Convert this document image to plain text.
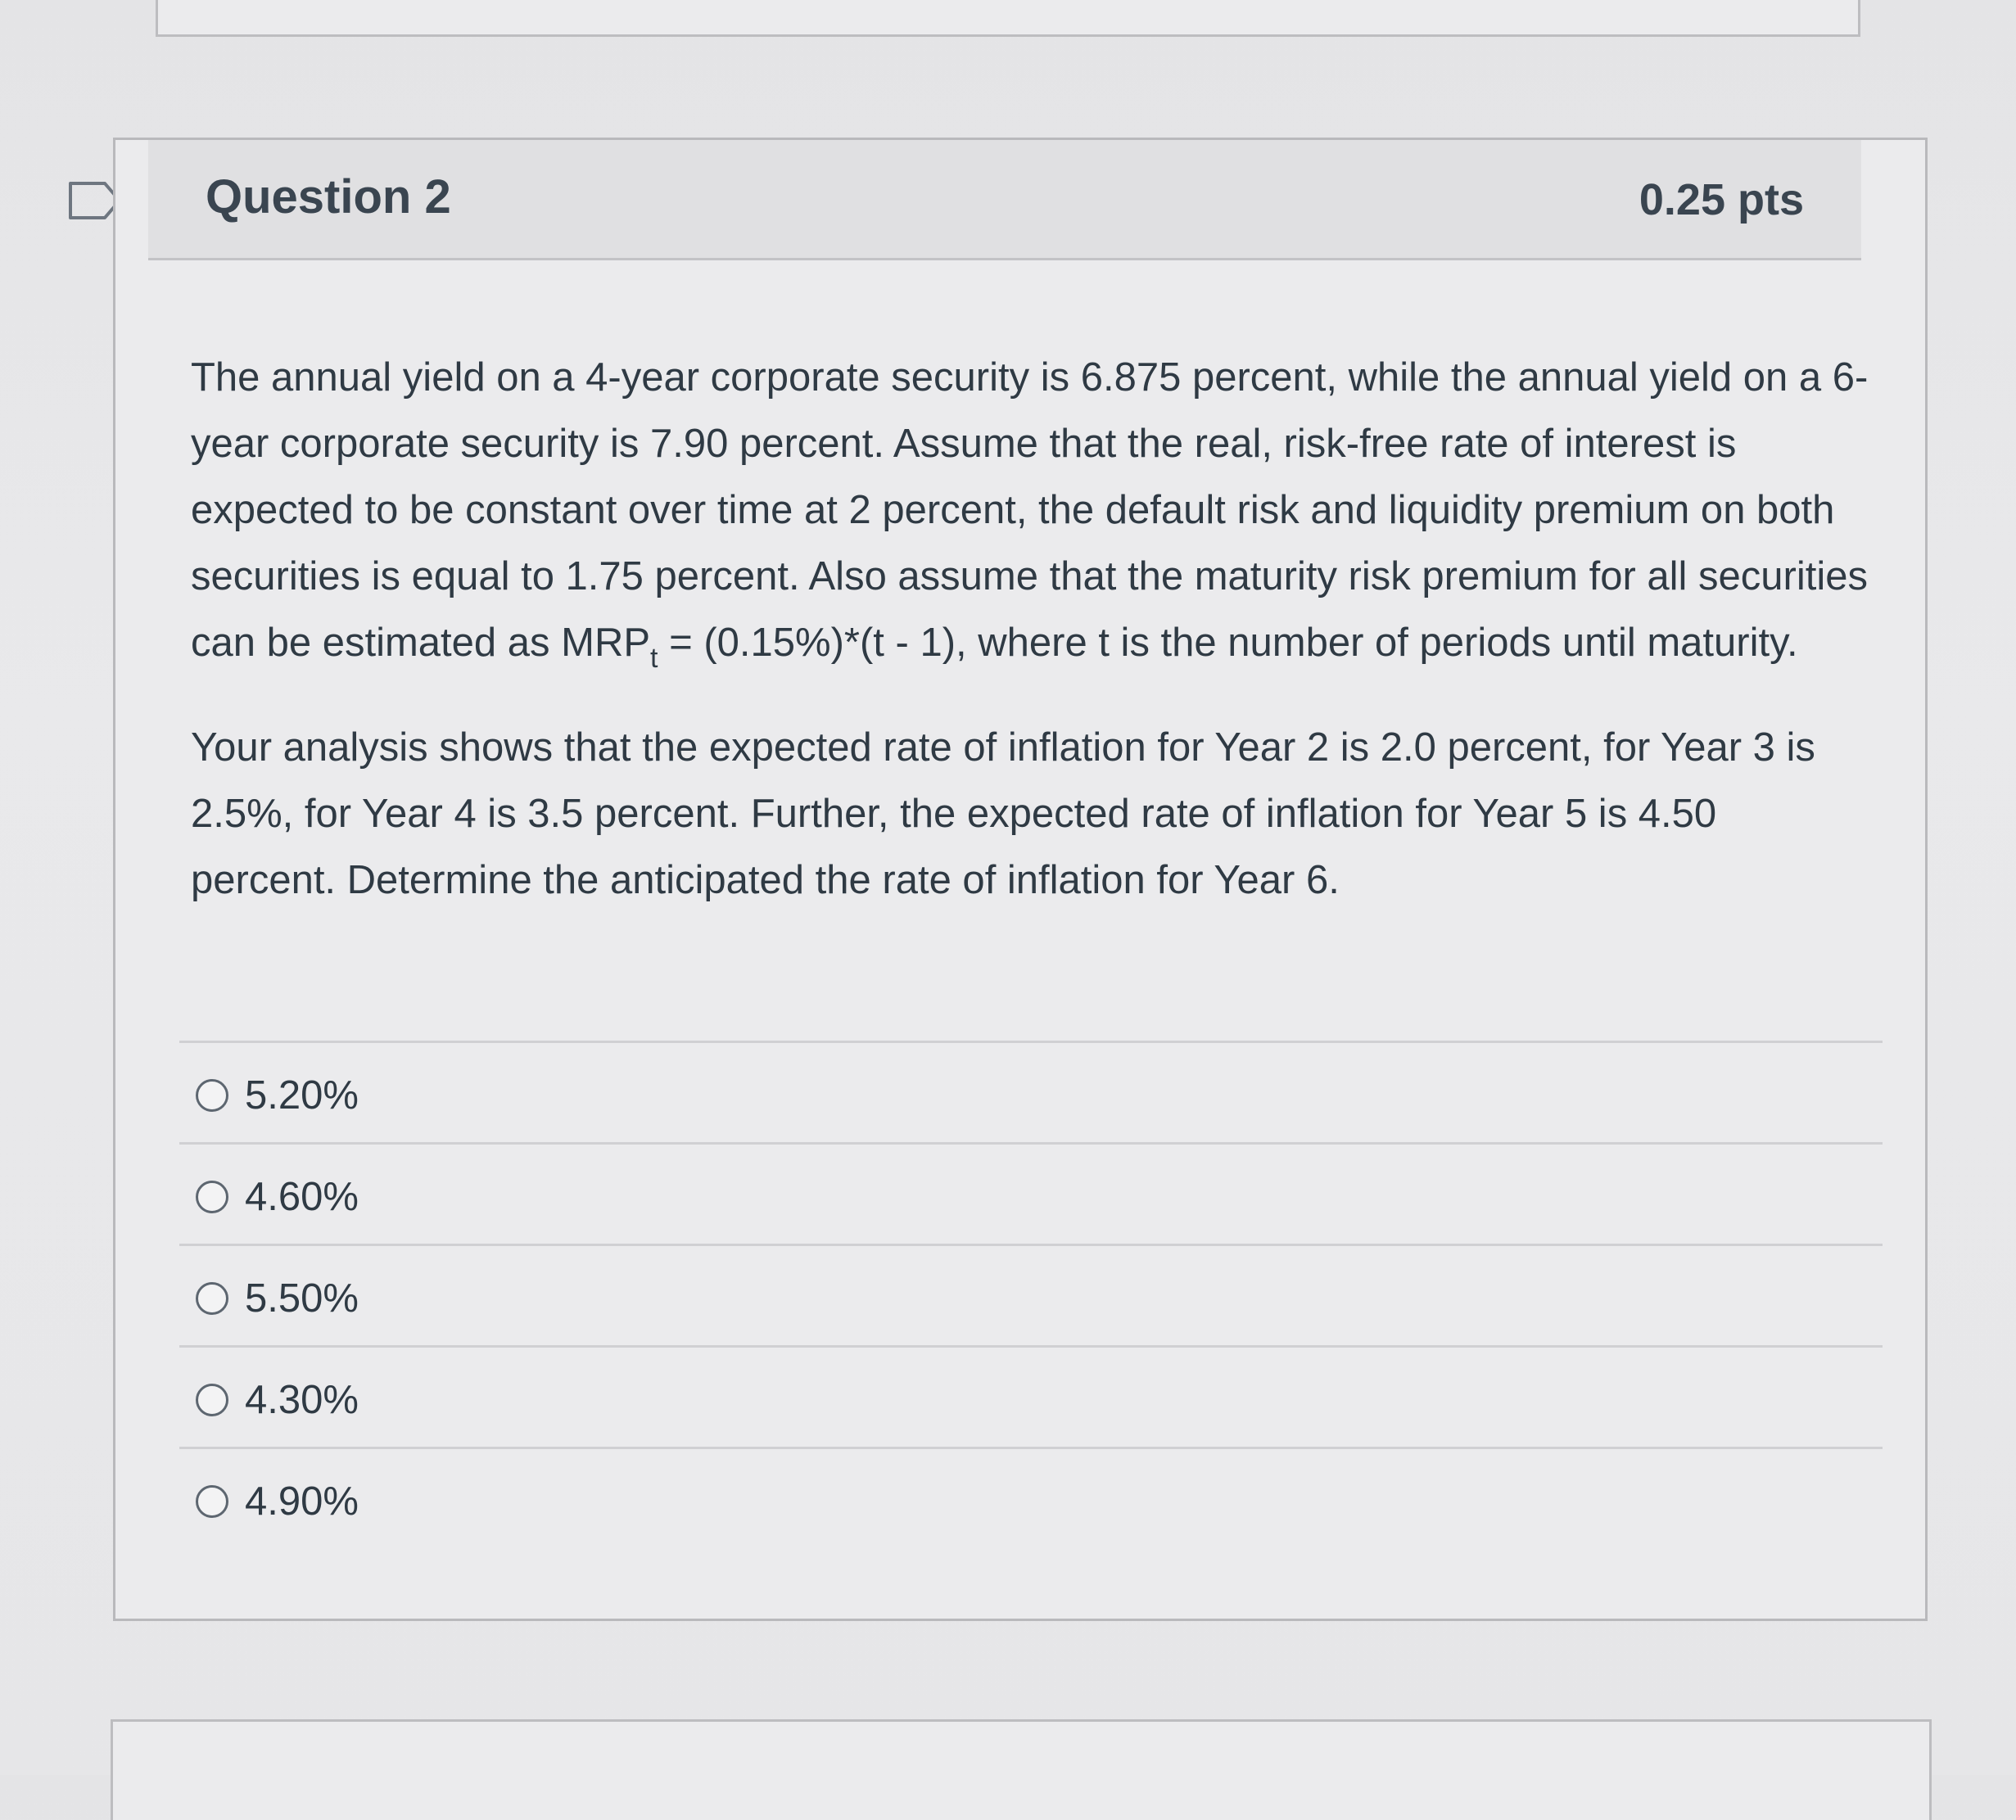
Question 2	0.25 pts

The annual yield on a 4-year corporate security is 6.875 percent, while the annual yield on a 6-year corporate security is 7.90 percent. Assume that the real, risk-free rate of interest is expected to be constant over time at 2 percent, the default risk and liquidity premium on both securities is equal to 1.75 percent. Also assume that the maturity risk premium for all securities can be estimated as $MRP_t = (0.15\%)*(t - 1)$, where t is the number of periods until maturity.

Your analysis shows that the expected rate of inflation for Year 2 is 2.0 percent, for Year 3 is 2.5%, for Year 4 is 3.5 percent. Further, the expected rate of inflation for Year 5 is 4.50 percent. Determine the anticipated the rate of inflation for Year 6.

5.20%
4.60%
5.50%
4.30%
4.90%
